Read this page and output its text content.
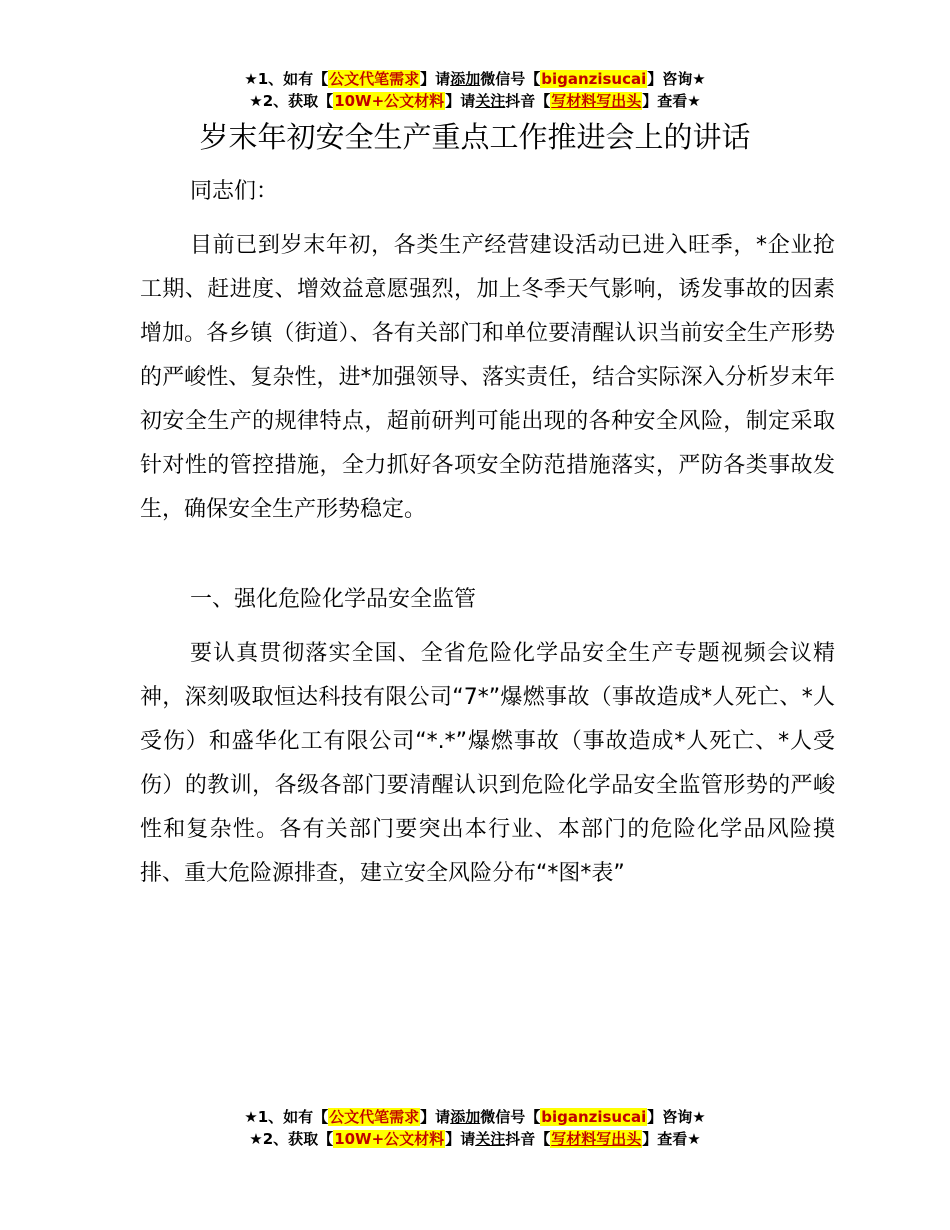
★1、如有【公文代笔需求】请添加微信号【biganzisucai】咨询★
★2、获取【10W+公文材料】请关注抖音【写材料写出头】查看★
岁末年初安全生产重点工作推进会上的讲话

同志们：

目前已到岁末年初，各类生产经营建设活动已进入旺季，*企业抢工期、赶进度、增效益意愿强烈，加上冬季天气影响，诱发事故的因素增加。各乡镇（街道）、各有关部门和单位要清醒认识当前安全生产形势的严峻性、复杂性，进*加强领导、落实责任，结合实际深入分析岁末年初安全生产的规律特点，超前研判可能出现的各种安全风险，制定采取针对性的管控措施，全力抓好各项安全防范措施落实，严防各类事故发生，确保安全生产形势稳定。

一、强化危险化学品安全监管

要认真贯彻落实全国、全省危险化学品安全生产专题视频会议精神，深刻吸取恒达科技有限公司“7*”爆燃事故（事故造成*人死亡、*人受伤）和盛华化工有限公司“*.*”爆燃事故（事故造成*人死亡、*人受伤）的教训，各级各部门要清醒认识到危险化学品安全监管形势的严峻性和复杂性。各有关部门要突出本行业、本部门的危险化学品风险摸排、重大危险源排查，建立安全风险分布“*图*表”

★1、如有【公文代笔需求】请添加微信号【biganzisucai】咨询★
★2、获取【10W+公文材料】请关注抖音【写材料写出头】查看★
